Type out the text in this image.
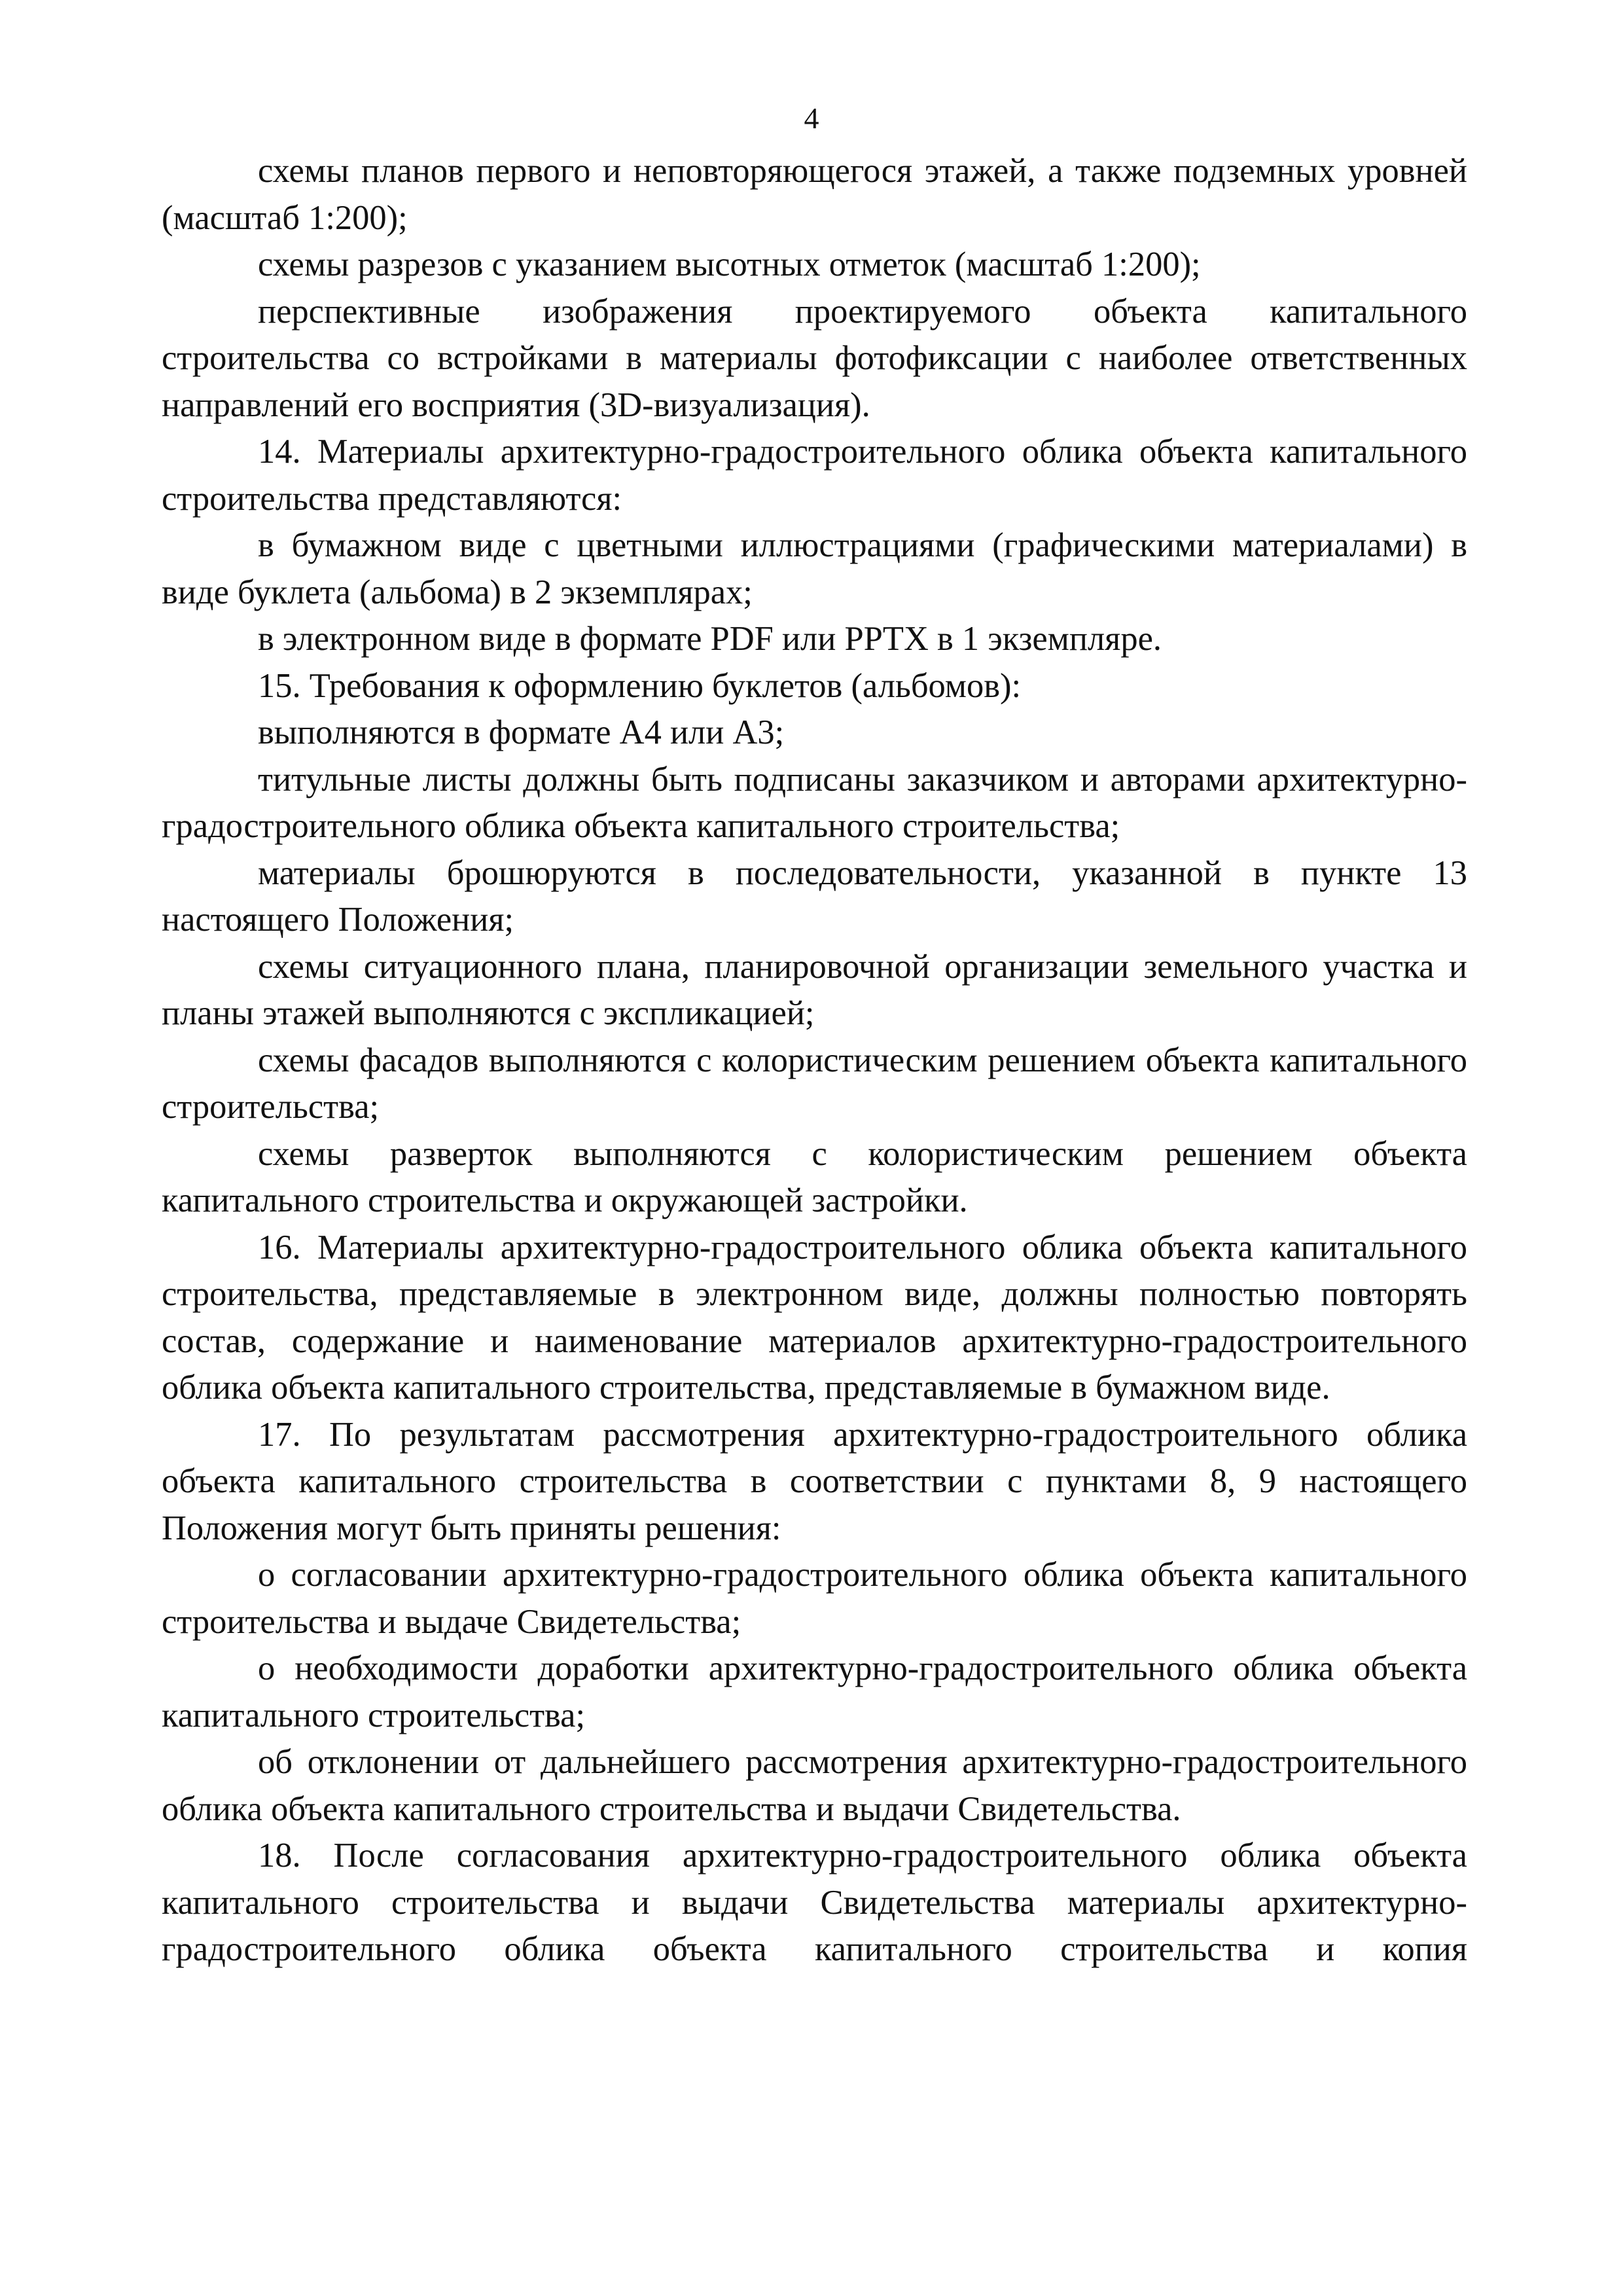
4

схемы планов первого и неповторяющегося этажей, а также подземных уровней (масштаб 1:200);

схемы разрезов с указанием высотных отметок (масштаб 1:200);

перспективные изображения проектируемого объекта капитального строительства со встройками в материалы фотофиксации с наиболее ответственных направлений его восприятия (3D-визуализация).

14. Материалы архитектурно-градостроительного облика объекта капитального строительства представляются:

в бумажном виде с цветными иллюстрациями (графическими материалами) в виде буклета (альбома) в 2 экземплярах;

в электронном виде в формате PDF или PPTX в 1 экземпляре.

15. Требования к оформлению буклетов (альбомов):

выполняются в формате А4 или А3;

титульные листы должны быть подписаны заказчиком и авторами архитектурно-градостроительного облика объекта капитального строительства;

материалы брошюруются в последовательности, указанной в пункте 13 настоящего Положения;

схемы ситуационного плана, планировочной организации земельного участка и планы этажей выполняются с экспликацией;

схемы фасадов выполняются с колористическим решением объекта капитального строительства;

схемы разверток выполняются с колористическим решением объекта капитального строительства и окружающей застройки.

16. Материалы архитектурно-градостроительного облика объекта капитального строительства, представляемые в электронном виде, должны полностью повторять состав, содержание и наименование материалов архитектурно-градостроительного облика объекта капитального строительства, представляемые в бумажном виде.

17. По результатам рассмотрения архитектурно-градостроительного облика объекта капитального строительства в соответствии с пунктами 8, 9 настоящего Положения могут быть приняты решения:

о согласовании архитектурно-градостроительного облика объекта капитального строительства и выдаче Свидетельства;

о необходимости доработки архитектурно-градостроительного облика объекта капитального строительства;

об отклонении от дальнейшего рассмотрения архитектурно-градостроительного облика объекта капитального строительства и выдачи Свидетельства.

18. После согласования архитектурно-градостроительного облика объекта капитального строительства и выдачи Свидетельства материалы архитектурно-градостроительного облика объекта капитального строительства и копия
